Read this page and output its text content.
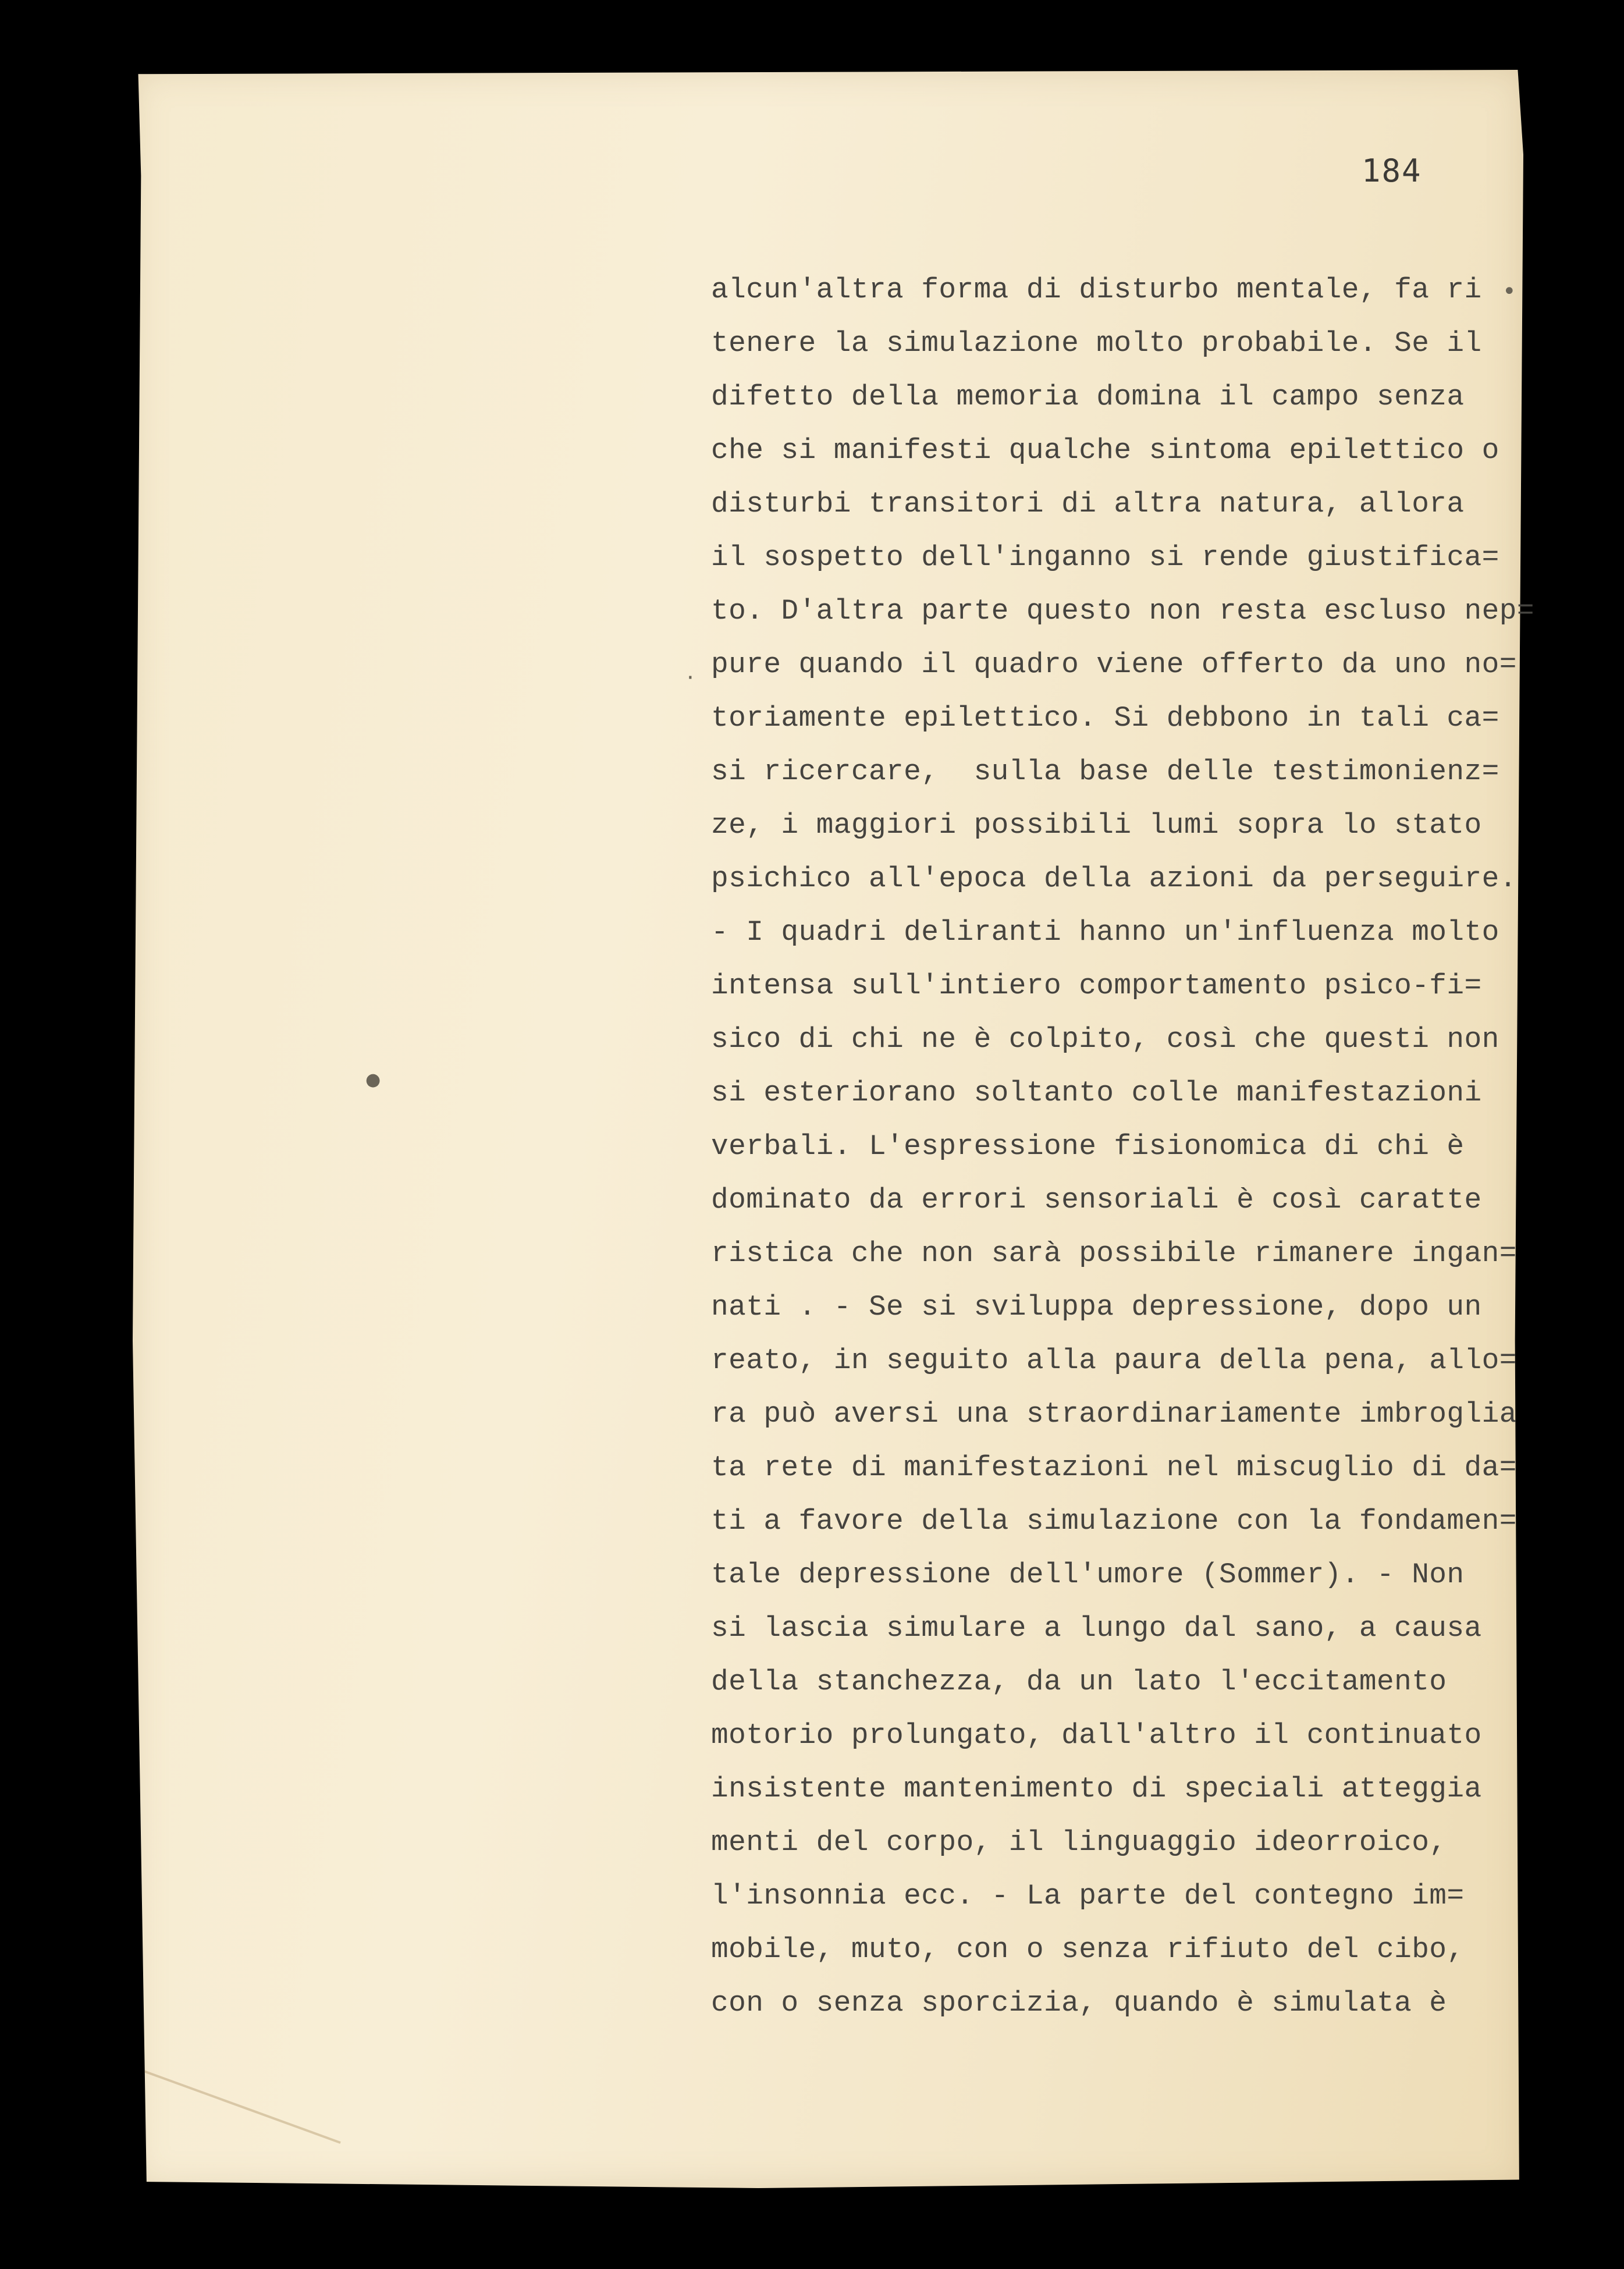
•
·
●
184
alcun'altra forma di disturbo mentale, fa ri
tenere la simulazione molto probabile. Se il
difetto della memoria domina il campo senza
che si manifesti qualche sintoma epilettico o
disturbi transitori di altra natura, allora
il sospetto dell'inganno si rende giustifica=
to. D'altra parte questo non resta escluso nep=
pure quando il quadro viene offerto da uno no=
toriamente epilettico. Si debbono in tali ca=
si ricercare,  sulla base delle testimonienz=
ze, i maggiori possibili lumi sopra lo stato
psichico all'epoca della azioni da perseguire.
- I quadri deliranti hanno un'influenza molto
intensa sull'intiero comportamento psico-fi=
sico di chi ne è colpito, così che questi non
si esteriorano soltanto colle manifestazioni
verbali. L'espressione fisionomica di chi è
dominato da errori sensoriali è così caratte
ristica che non sarà possibile rimanere ingan=
nati . - Se si sviluppa depressione, dopo un
reato, in seguito alla paura della pena, allo=
ra può aversi una straordinariamente imbroglia
ta rete di manifestazioni nel miscuglio di da=
ti a favore della simulazione con la fondamen=
tale depressione dell'umore (Sommer). - Non
si lascia simulare a lungo dal sano, a causa
della stanchezza, da un lato l'eccitamento
motorio prolungato, dall'altro il continuato
insistente mantenimento di speciali atteggia
menti del corpo, il linguaggio ideorroico,
l'insonnia ecc. - La parte del contegno im=
mobile, muto, con o senza rifiuto del cibo,
con o senza sporcizia, quando è simulata è
